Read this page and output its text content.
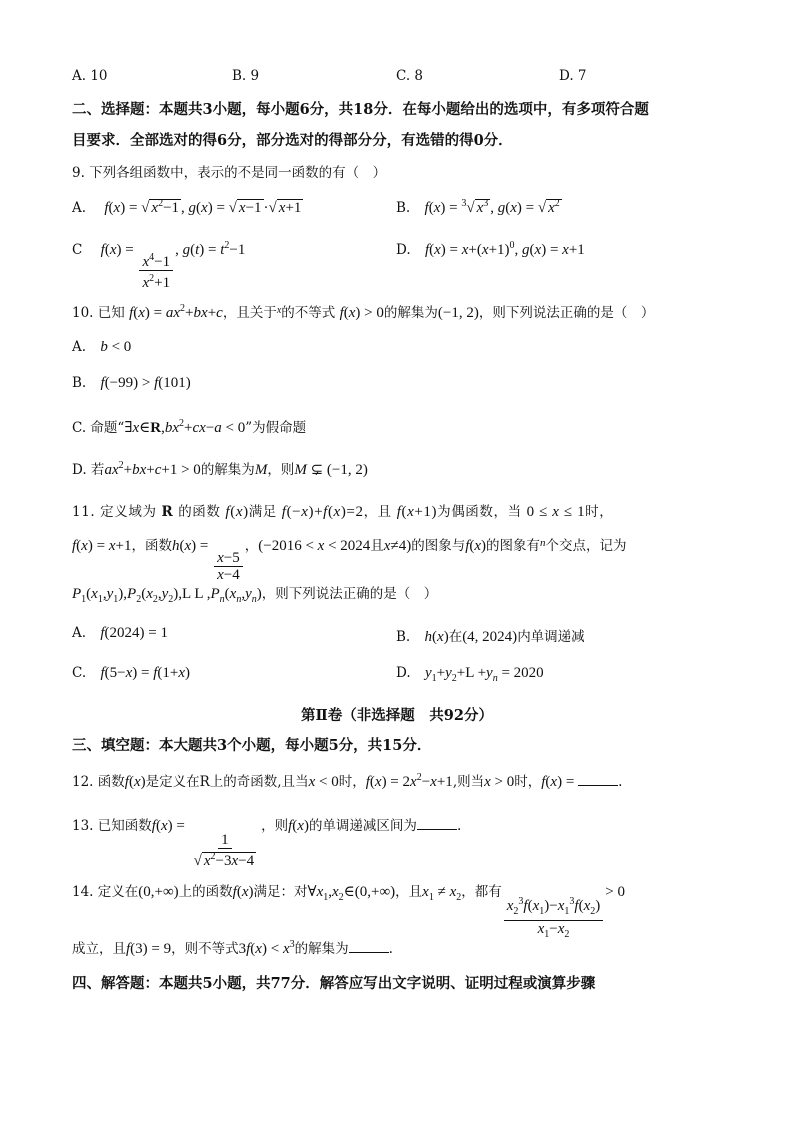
A. 10	B. 9	C. 8	D. 7
二、选择题：本题共3小题，每小题6分，共18分．在每小题给出的选项中，有多项符合题
目要求．全部选对的得6分，部分选对的得部分分，有选错的得0分．
9. 下列各组函数中，表示的不是同一函数的有（　）
A. f(x) = √ $x^2-1$ , g(x) = √ x−1 ·√ x+1	B. f(x) = $^3$√ $x^3$ , g(x) = √ $x^2$
C $f(x) = \frac{x^4-1}{x^2+1}$ , $g(t) = t^2-1$	D. $f(x) = x+(x+1)^0$, g(x) = x+1
10. 已知 $f(x) = ax^2+bx+c$，且关于$^x$的不等式 f(x) > 0的解集为(−1, 2)，则下列说法正确的是（　）
A. b < 0
B. f(−99) > f(101)
C. 命题“$\exists x\in R,bx^2+cx-a < 0$”为假命题
D. 若$ax^2+bx+c+1 > 0$的解集为M，则M ⊊ (−1, 2)
11. 定义域为 R 的函数 f(x)满足 f(−x)+f(x)=2，且 f(x+1)为偶函数，当 0 ≤ x ≤ 1时，
f(x) = x+1，函数h(x) =
$\frac{x-5}{x-4}$
，(−2016 < x < 2024且x≠4)的图象与f(x)的图象有$^n$个交点，记为
$P_1(x_1,y_1),P_2(x_2,y_2),L$ L $,P_n(x_n,y_n)$，则下列说法正确的是（　）
A. f(2024) = 1	B. h(x)在(4, 2024)内单调递减
C. f(5−x) = f(1+x)	D. $y_1+y_2+L +y_n = 2020$
第Ⅱ卷（非选择题　共92分）
三、填空题：本大题共3个小题，每小题5分，共15分．
12. 函数f(x)是定义在R上的奇函数,且当x < 0时，$f(x) = 2x^2-x+1$,则当x > 0时，f(x) =	.
13. 已知函数f(x) =
$\frac{1}{√ x^2-3x-4}$
，则f(x)的单调递减区间为	.
14. 定义在(0,+∞)上的函数f(x)满足：对$\forall x_1,x_2\in(0,+\infty)$，且$x_1 \ne x_2$，都有
$\frac{x_2^3f(x_1)-x_1^3f(x_2)}{x_1-x_2}$
> 0
成立，且f(3) = 9，则不等式$3f(x) < x^3$的解集为	.
四、解答题：本题共5小题，共77分．解答应写出文字说明、证明过程或演算步骤
